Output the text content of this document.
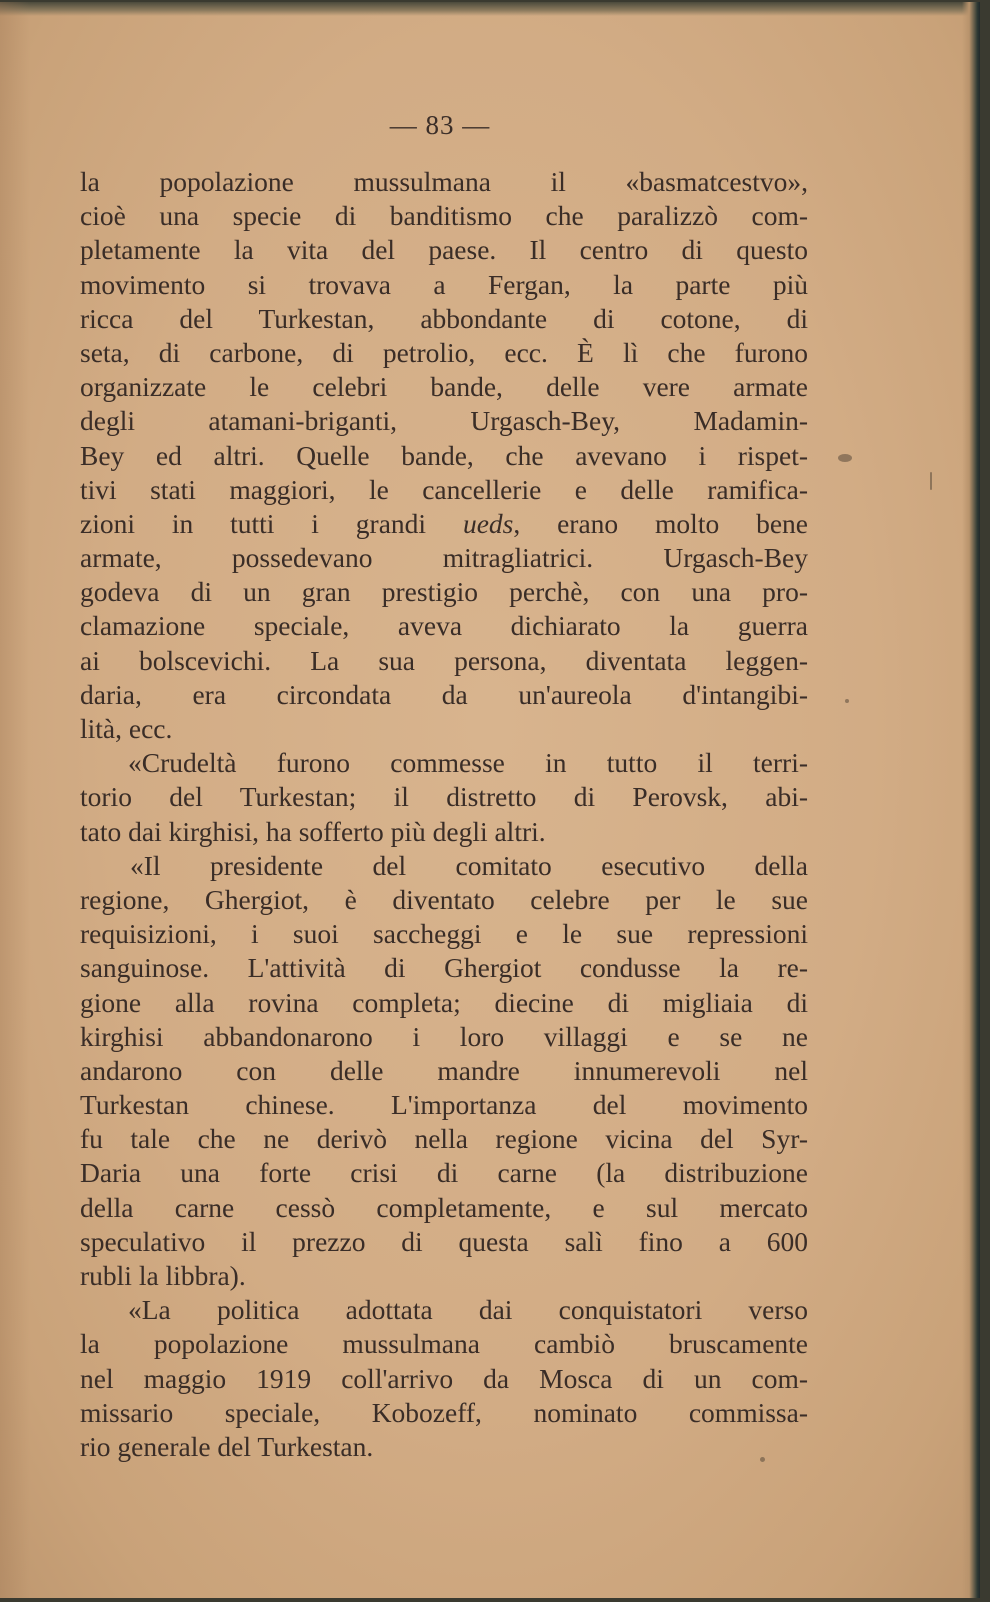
— 83 —
la popolazione mussulmana il «basmatcestvo»,
cioè una specie di banditismo che paralizzò com-
pletamente la vita del paese. Il centro di questo
movimento si trovava a Fergan, la parte più
ricca del Turkestan, abbondante di cotone, di
seta, di carbone, di petrolio, ecc. È lì che furono
organizzate le celebri bande, delle vere armate
degli atamani-briganti, Urgasch-Bey, Madamin-
Bey ed altri. Quelle bande, che avevano i rispet-
tivi stati maggiori, le cancellerie e delle ramifica-
zioni in tutti i grandi ueds, erano molto bene
armate, possedevano mitragliatrici. Urgasch-Bey
godeva di un gran prestigio perchè, con una pro-
clamazione speciale, aveva dichiarato la guerra
ai bolscevichi. La sua persona, diventata leggen-
daria, era circondata da un'aureola d'intangibi-
lità, ecc.
«Crudeltà furono commesse in tutto il terri-
torio del Turkestan; il distretto di Perovsk, abi-
tato dai kirghisi, ha sofferto più degli altri.
«Il presidente del comitato esecutivo della
regione, Ghergiot, è diventato celebre per le sue
requisizioni, i suoi saccheggi e le sue repressioni
sanguinose. L'attività di Ghergiot condusse la re-
gione alla rovina completa; diecine di migliaia di
kirghisi abbandonarono i loro villaggi e se ne
andarono con delle mandre innumerevoli nel
Turkestan chinese. L'importanza del movimento
fu tale che ne derivò nella regione vicina del Syr-
Daria una forte crisi di carne (la distribuzione
della carne cessò completamente, e sul mercato
speculativo il prezzo di questa salì fino a 600
rubli la libbra).
«La politica adottata dai conquistatori verso
la popolazione mussulmana cambiò bruscamente
nel maggio 1919 coll'arrivo da Mosca di un com-
missario speciale, Kobozeff, nominato commissa-
rio generale del Turkestan.
